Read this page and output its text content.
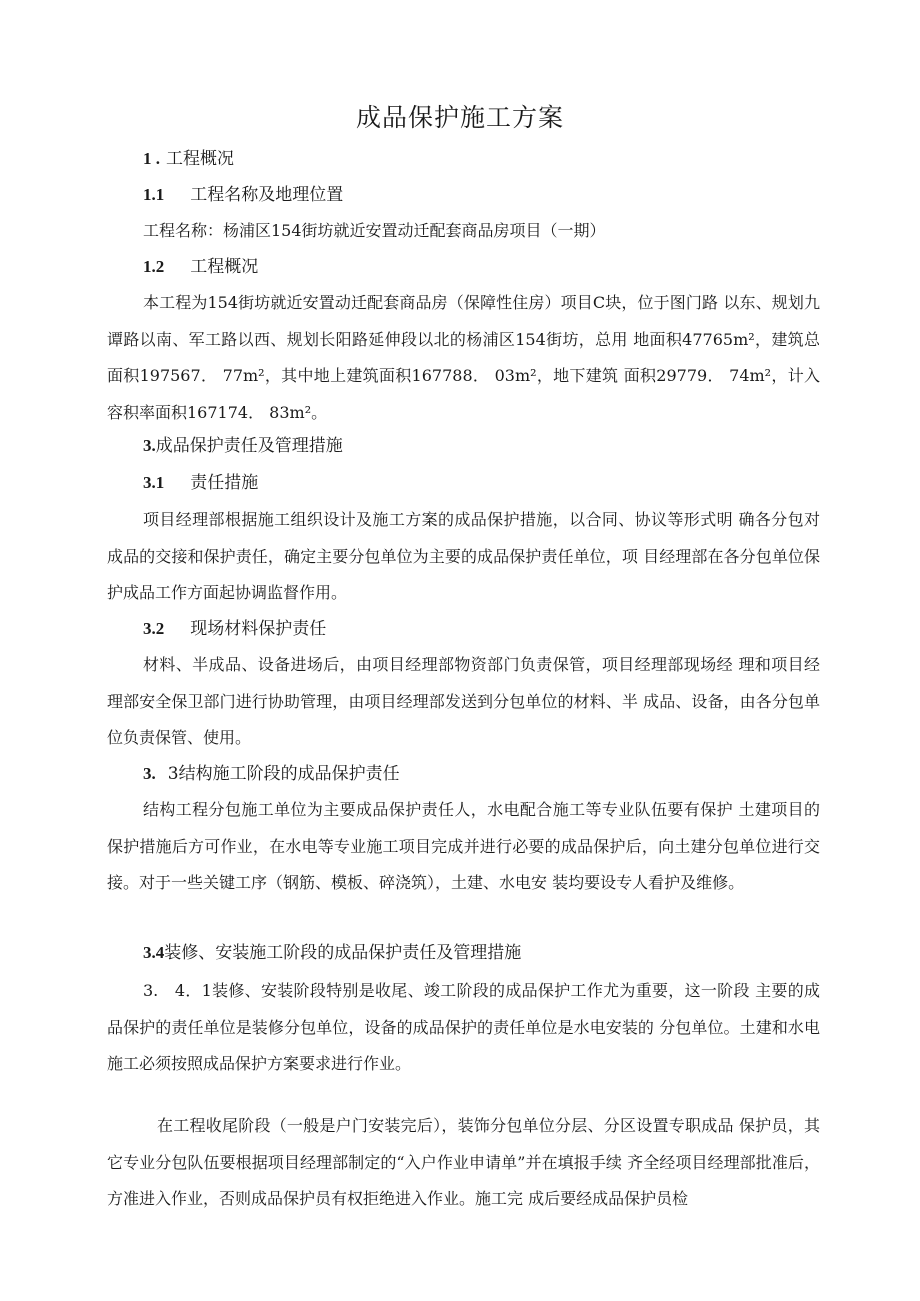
成品保护施工方案
1 . 工程概况
1.1 工程名称及地理位置
工程名称：杨浦区154街坊就近安置动迁配套商品房项目（一期）
1.2 工程概况
本工程为154街坊就近安置动迁配套商品房（保障性住房）项目C块，位于图门路 以东、规划九谭路以南、军工路以西、规划长阳路延伸段以北的杨浦区154街坊，总用 地面积47765m²，建筑总面积197567． 77m²，其中地上建筑面积167788． 03m²，地下建筑 面积29779． 74m²，计入容积率面积167174． 83m²。
3.成品保护责任及管理措施
3.1 责任措施
项目经理部根据施工组织设计及施工方案的成品保护措施，以合同、协议等形式明 确各分包对成品的交接和保护责任，确定主要分包单位为主要的成品保护责任单位，项 目经理部在各分包单位保护成品工作方面起协调监督作用。
3.2 现场材料保护责任
材料、半成品、设备进场后，由项目经理部物资部门负责保管，项目经理部现场经 理和项目经理部安全保卫部门进行协助管理，由项目经理部发送到分包单位的材料、半 成品、设备，由各分包单位负责保管、使用。
3. 3结构施工阶段的成品保护责任
结构工程分包施工单位为主要成品保护责任人，水电配合施工等专业队伍要有保护 土建项目的保护措施后方可作业，在水电等专业施工项目完成并进行必要的成品保护后，向土建分包单位进行交接。对于一些关键工序（钢筋、模板、碎浇筑），土建、水电安 装均要设专人看护及维修。
3.4装修、安装施工阶段的成品保护责任及管理措施
3.　4．1装修、安装阶段特别是收尾、竣工阶段的成品保护工作尤为重要，这一阶段 主要的成品保护的责任单位是装修分包单位，设备的成品保护的责任单位是水电安装的 分包单位。土建和水电施工必须按照成品保护方案要求进行作业。
在工程收尾阶段（一般是户门安装完后），装饰分包单位分层、分区设置专职成品 保护员，其它专业分包队伍要根据项目经理部制定的“入户作业申请单”并在填报手续 齐全经项目经理部批准后，方准进入作业，否则成品保护员有权拒绝进入作业。施工完 成后要经成品保护员检
